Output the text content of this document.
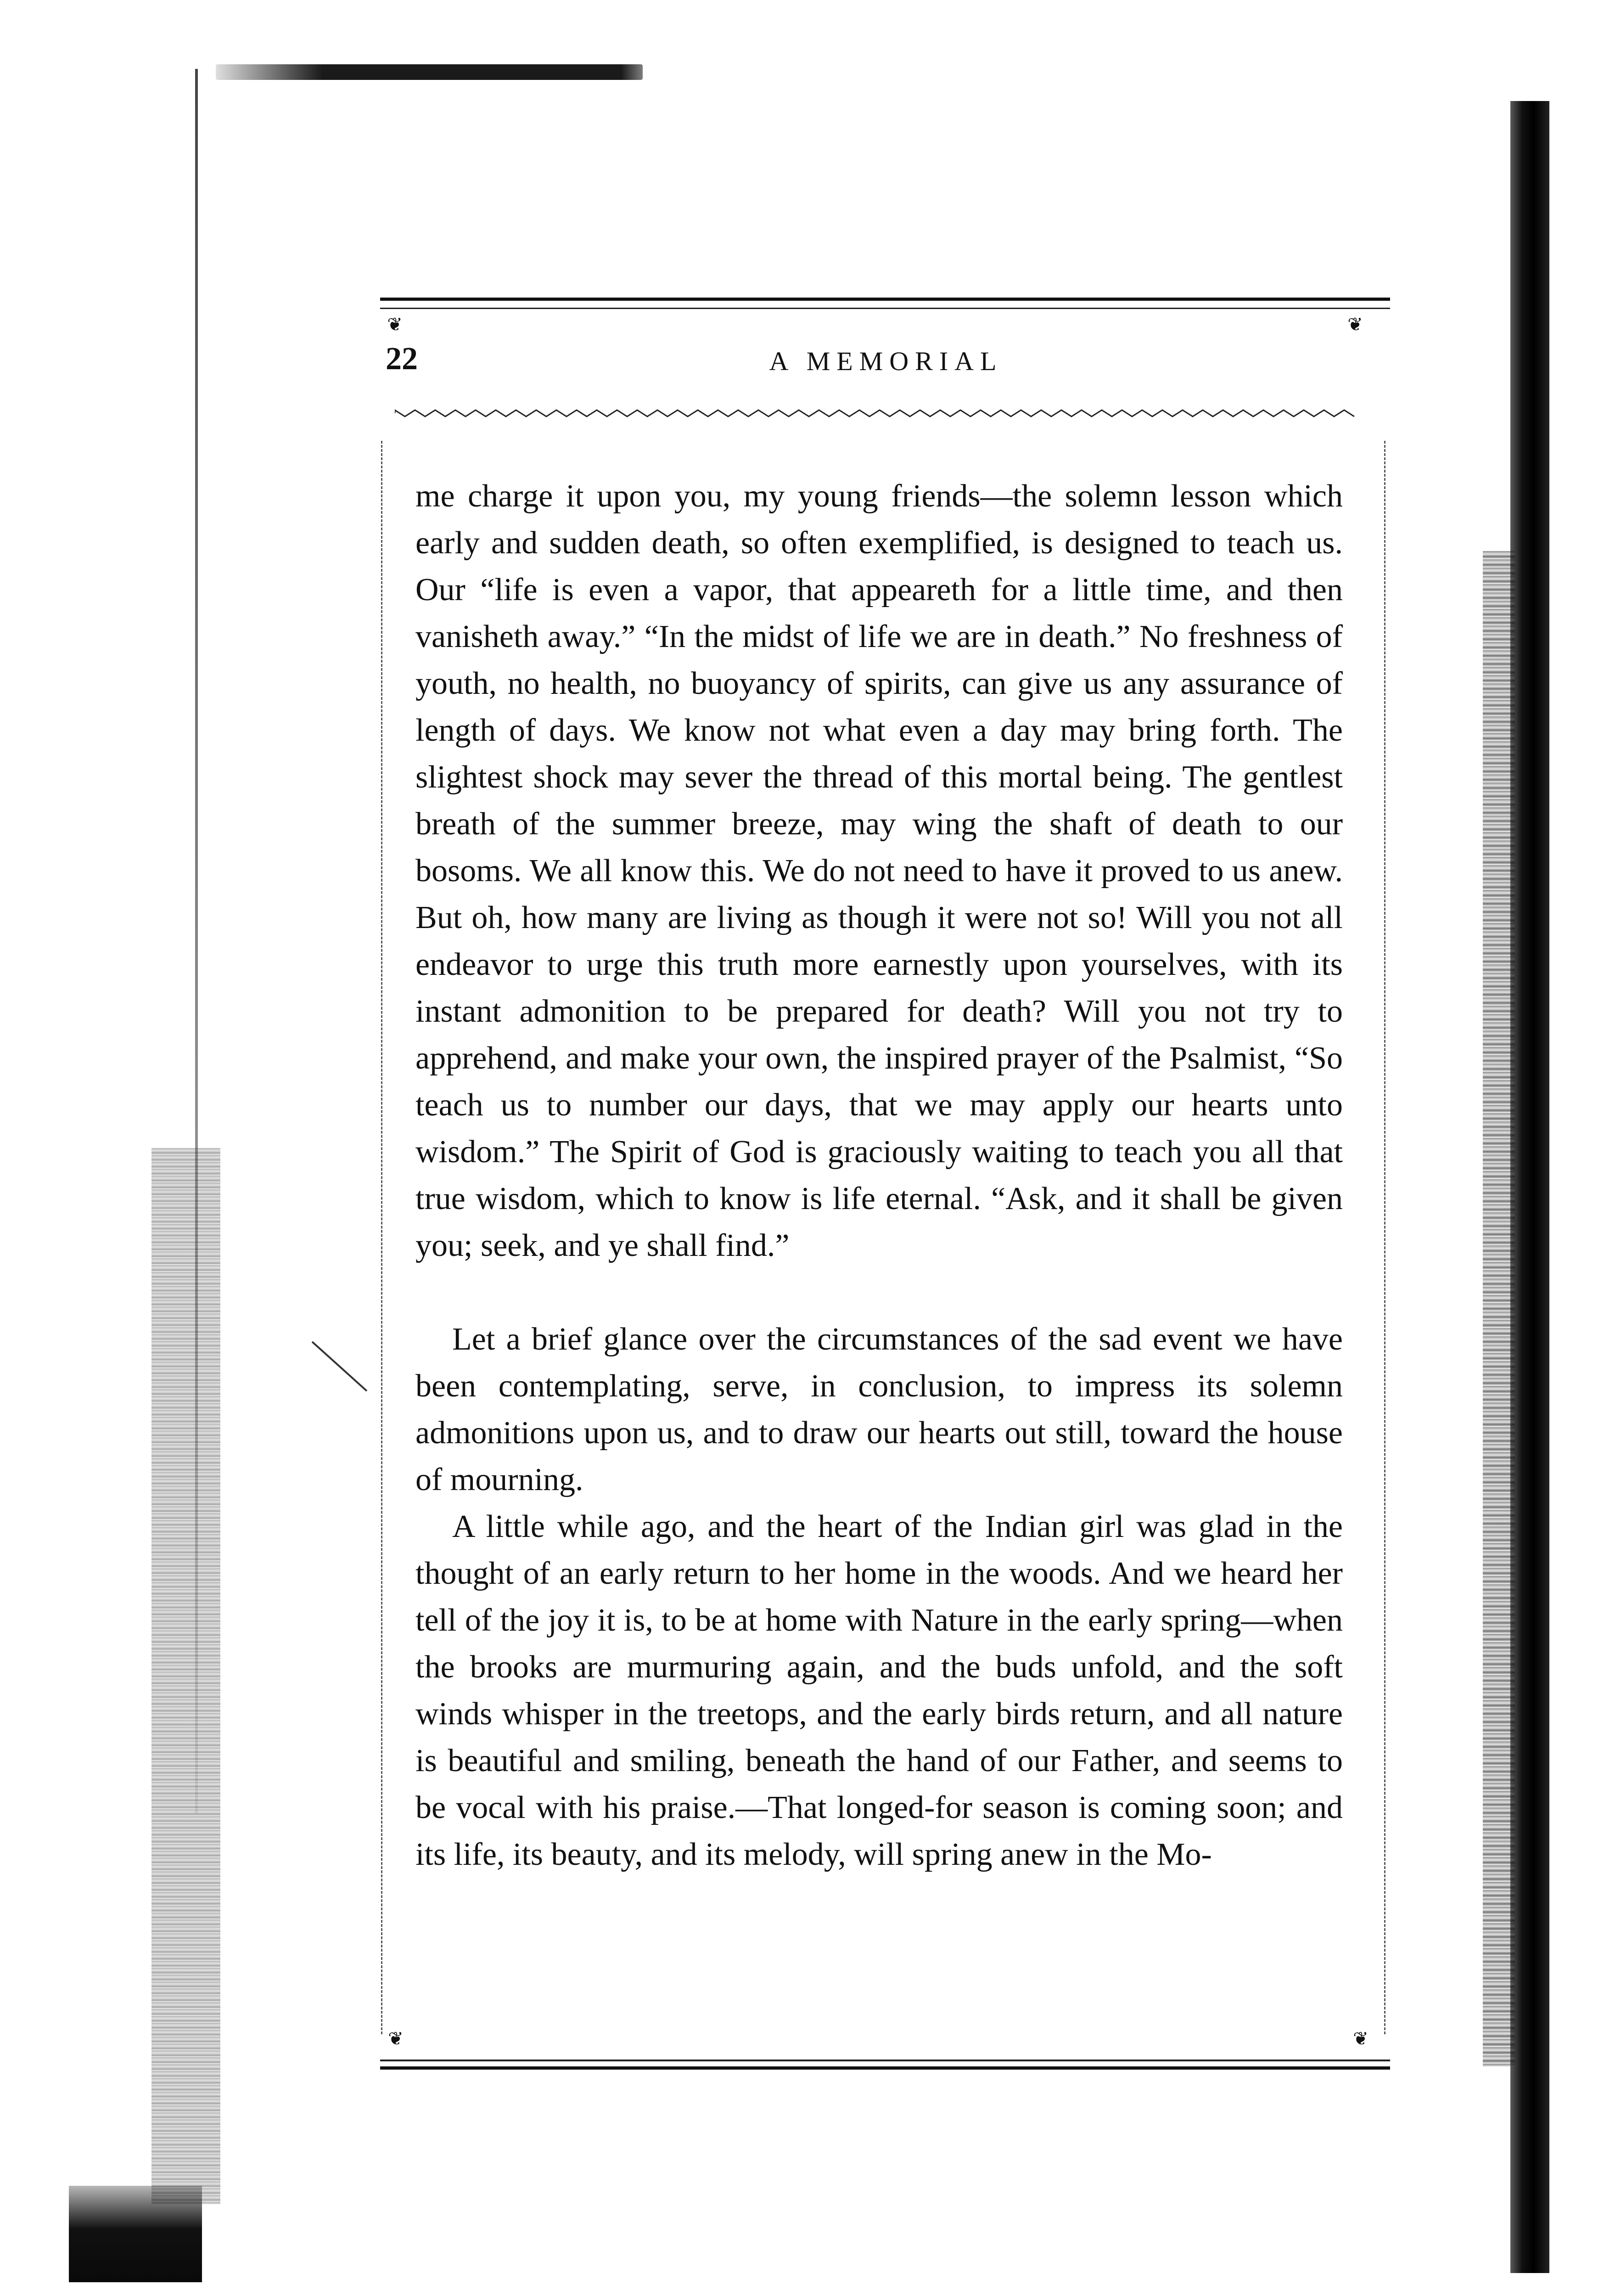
❦	❦
❦	❦
22	A MEMORIAL

me charge it upon you, my young friends—the solemn lesson which early and sudden death, so often exemplified, is designed to teach us. Our “life is even a vapor, that appeareth for a little time, and then vanisheth away.” “In the midst of life we are in death.” No freshness of youth, no health, no buoyancy of spirits, can give us any assurance of length of days. We know not what even a day may bring forth. The slightest shock may sever the thread of this mortal being. The gentlest breath of the summer breeze, may wing the shaft of death to our bosoms. We all know this. We do not need to have it proved to us anew. But oh, how many are living as though it were not so! Will you not all endeavor to urge this truth more earnestly upon yourselves, with its instant admonition to be prepared for death? Will you not try to apprehend, and make your own, the inspired prayer of the Psalmist, “So teach us to number our days, that we may apply our hearts unto wisdom.” The Spirit of God is graciously waiting to teach you all that true wisdom, which to know is life eternal. “Ask, and it shall be given you; seek, and ye shall find.”

Let a brief glance over the circumstances of the sad event we have been contemplating, serve, in conclusion, to impress its solemn admonitions upon us, and to draw our hearts out still, toward the house of mourning.

A little while ago, and the heart of the Indian girl was glad in the thought of an early return to her home in the woods. And we heard her tell of the joy it is, to be at home with Nature in the early spring—when the brooks are murmuring again, and the buds unfold, and the soft winds whisper in the treetops, and the early birds return, and all nature is beautiful and smiling, beneath the hand of our Father, and seems to be vocal with his praise.—That longed-for season is coming soon; and its life, its beauty, and its melody, will spring anew in the Mo-
